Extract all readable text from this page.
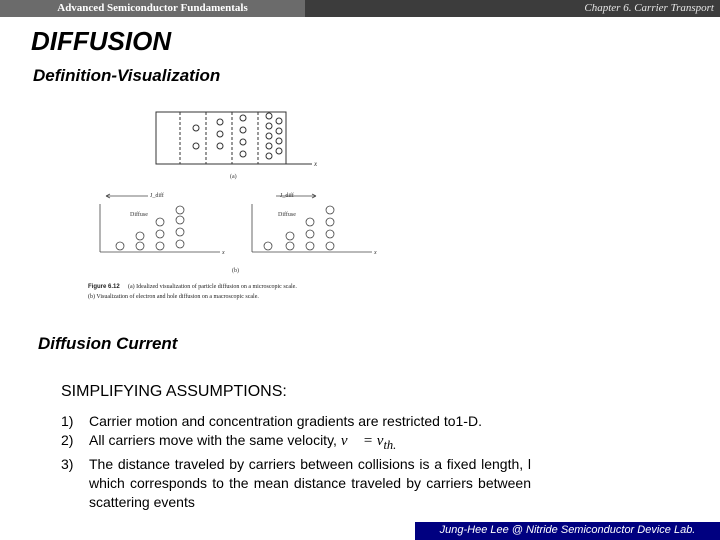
Advanced Semiconductor Fundamentals	Chapter 6. Carrier Transport
DIFFUSION
Definition-Visualization
x
(a)
J_diff
Diffuse
x
J_diff
Diffuse
x
(b)
Figure 6.12 (a) Idealized visualization of particle diffusion on a microscopic scale.
(b) Visualization of electron and hole diffusion on a macroscopic scale.
Diffusion Current
SIMPLIFYING ASSUMPTIONS:
1)	Carrier motion and concentration gradients are restricted to1-D.
2)	All carriers move with the same velocity, v⃗ = $v_{th.}$
3)	The distance traveled by carriers between collisions is a fixed length, l which corresponds to the mean distance traveled by carriers between scattering events
Jung-Hee Lee @ Nitride Semiconductor Device Lab.
